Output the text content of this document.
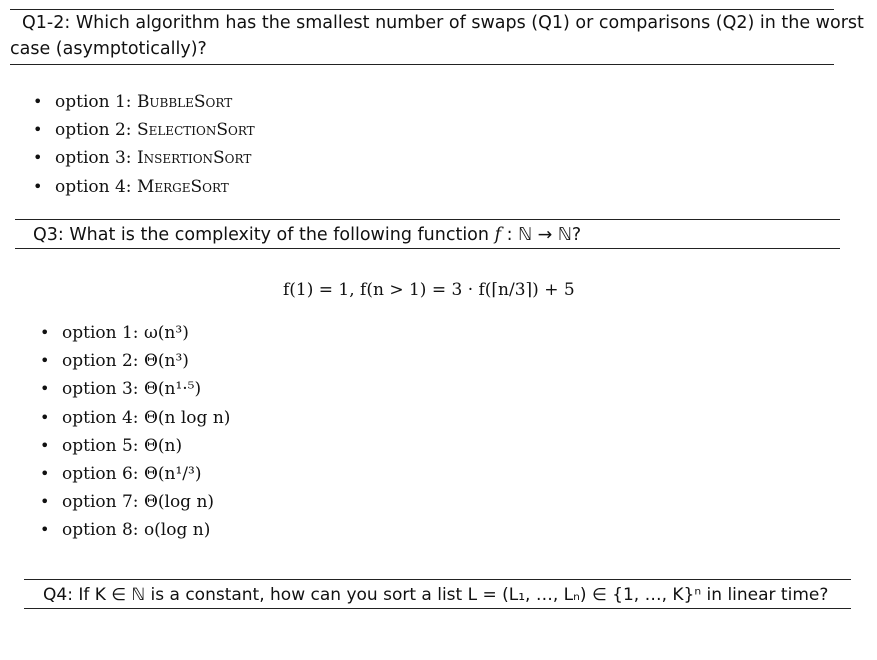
Q1-2: Which algorithm has the smallest number of swaps (Q1) or comparisons (Q2) in the worst
case (asymptotically)?
• option 1: BubbleSort
• option 2: SelectionSort
• option 3: InsertionSort
• option 4: MergeSort
Q3: What is the complexity of the following function f : ℕ → ℕ?
f(1) = 1, f(n > 1) = 3 · f(⌈n/3⌉) + 5
• option 1: ω(n³)
• option 2: Θ(n³)
• option 3: Θ(n¹·⁵)
• option 4: Θ(n log n)
• option 5: Θ(n)
• option 6: Θ(n¹/³)
• option 7: Θ(log n)
• option 8: o(log n)
Q4: If K ∈ ℕ is a constant, how can you sort a list L = (L₁, …, Lₙ) ∈ {1, …, K}ⁿ in linear time?
